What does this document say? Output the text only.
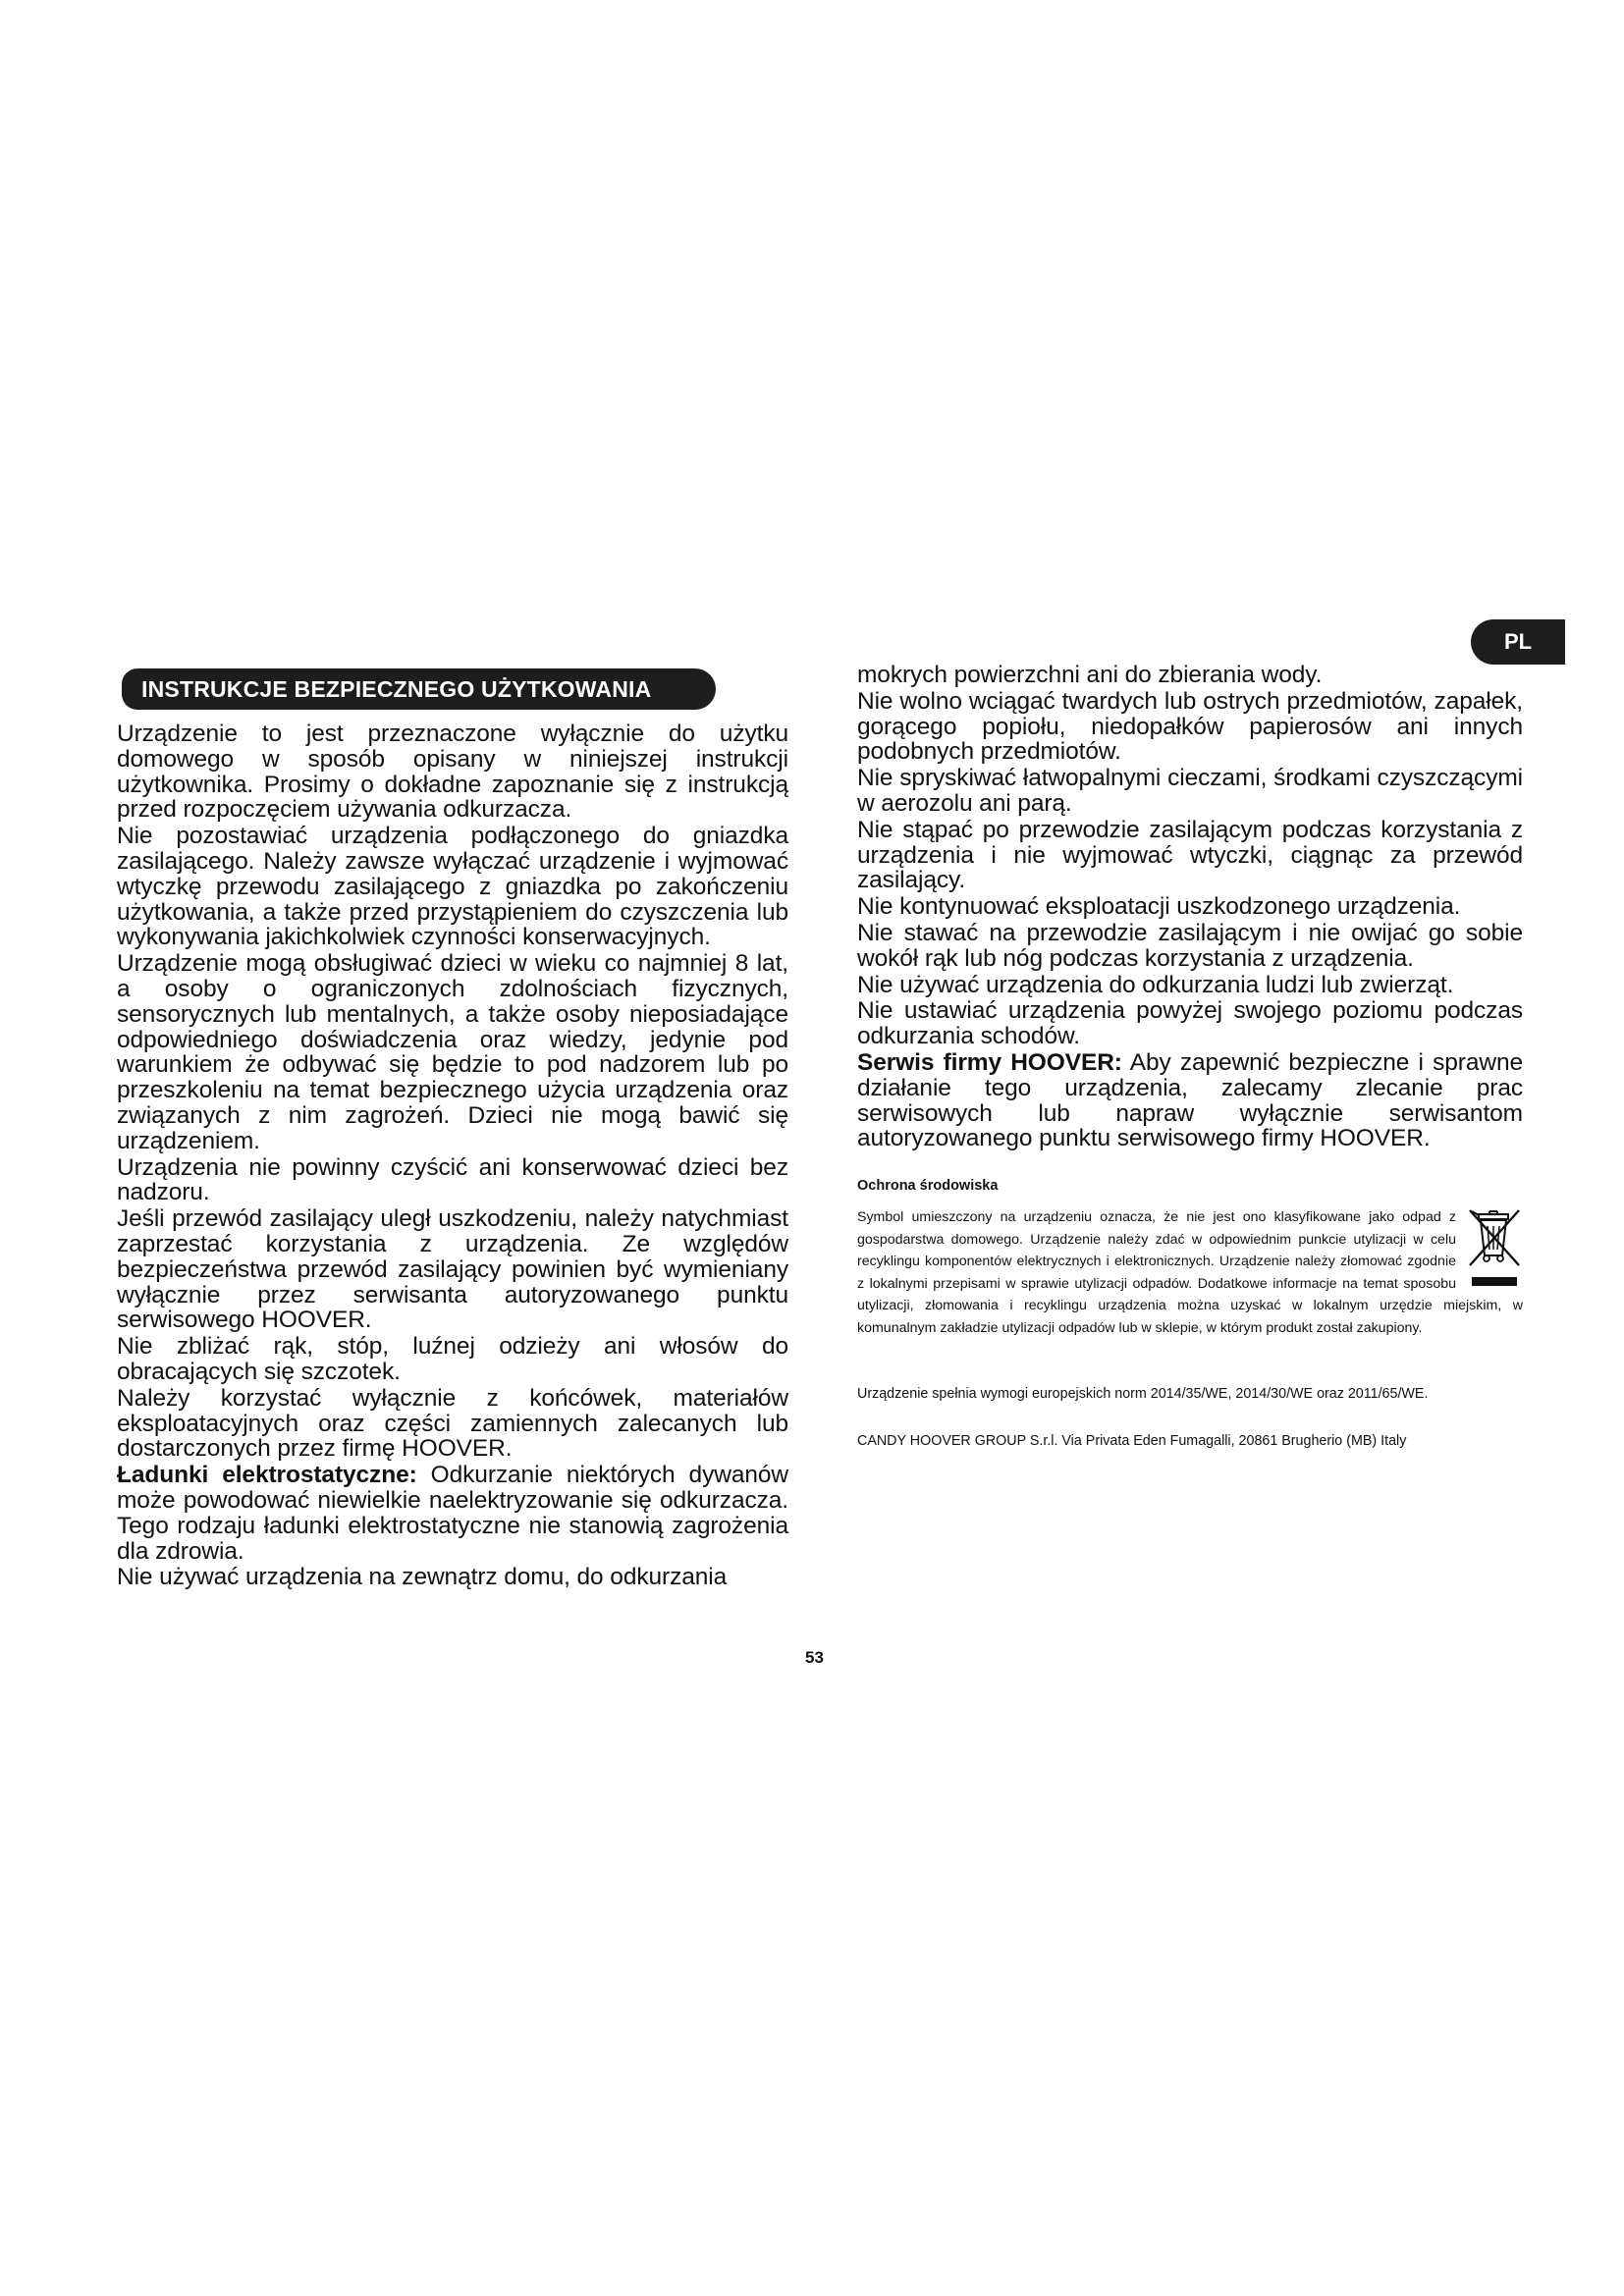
PL
INSTRUKCJE BEZPIECZNEGO UŻYTKOWANIA

Urządzenie to jest przeznaczone wyłącznie do użytku domowego w sposób opisany w niniejszej instrukcji użytkownika. Prosimy o dokładne zapoznanie się z instrukcją przed rozpoczęciem używania odkurzacza.

Nie pozostawiać urządzenia podłączonego do gniazdka zasilającego. Należy zawsze wyłączać urządzenie i wyjmować wtyczkę przewodu zasilającego z gniazdka po zakończeniu użytkowania, a także przed przystąpieniem do czyszczenia lub wykonywania jakichkolwiek czynności konserwacyjnych.

Urządzenie mogą obsługiwać dzieci w wieku co najmniej 8 lat, a osoby o ograniczonych zdolnościach fizycznych, sensorycznych lub mentalnych, a także osoby nieposiadające odpowiedniego doświadczenia oraz wiedzy, jedynie pod warunkiem że odbywać się będzie to pod nadzorem lub po przeszkoleniu na temat bezpiecznego użycia urządzenia oraz związanych z nim zagrożeń. Dzieci nie mogą bawić się urządzeniem.

Urządzenia nie powinny czyścić ani konserwować dzieci bez nadzoru.

Jeśli przewód zasilający uległ uszkodzeniu, należy natychmiast zaprzestać korzystania z urządzenia. Ze względów bezpieczeństwa przewód zasilający powinien być wymieniany wyłącznie przez serwisanta autoryzowanego punktu serwisowego HOOVER.

Nie zbliżać rąk, stóp, luźnej odzieży ani włosów do obracających się szczotek.

Należy korzystać wyłącznie z końcówek, materiałów eksploatacyjnych oraz części zamiennych zalecanych lub dostarczonych przez firmę HOOVER.

Ładunki elektrostatyczne: Odkurzanie niektórych dywanów może powodować niewielkie naelektryzowanie się odkurzacza. Tego rodzaju ładunki elektrostatyczne nie stanowią zagrożenia dla zdrowia.

Nie używać urządzenia na zewnątrz domu, do odkurzania

mokrych powierzchni ani do zbierania wody.

Nie wolno wciągać twardych lub ostrych przedmiotów, zapałek, gorącego popiołu, niedopałków papierosów ani innych podobnych przedmiotów.

Nie spryskiwać łatwopalnymi cieczami, środkami czyszczącymi w aerozolu ani parą.

Nie stąpać po przewodzie zasilającym podczas korzystania z urządzenia i nie wyjmować wtyczki, ciągnąc za przewód zasilający.

Nie kontynuować eksploatacji uszkodzonego urządzenia.

Nie stawać na przewodzie zasilającym i nie owijać go sobie wokół rąk lub nóg podczas korzystania z urządzenia.

Nie używać urządzenia do odkurzania ludzi lub zwierząt.

Nie ustawiać urządzenia powyżej swojego poziomu podczas odkurzania schodów.

Serwis firmy HOOVER: Aby zapewnić bezpieczne i sprawne działanie tego urządzenia, zalecamy zlecanie prac serwisowych lub napraw wyłącznie serwisantom autoryzowanego punktu serwisowego firmy HOOVER.

Ochrona środowiska
Symbol umieszczony na urządzeniu oznacza, że nie jest ono klasyfikowane jako odpad z gospodarstwa domowego. Urządzenie należy zdać w odpowiednim punkcie utylizacji w celu recyklingu komponentów elektrycznych i elektronicznych. Urządzenie należy złomować zgodnie z lokalnymi przepisami w sprawie utylizacji odpadów. Dodatkowe informacje na temat sposobu utylizacji, złomowania i recyklingu urządzenia można uzyskać w lokalnym urzędzie miejskim, w komunalnym zakładzie utylizacji odpadów lub w sklepie, w którym produkt został zakupiony.
Urządzenie spełnia wymogi europejskich norm 2014/35/WE, 2014/30/WE oraz 2011/65/WE.
CANDY HOOVER GROUP S.r.l. Via Privata Eden Fumagalli, 20861 Brugherio (MB) Italy
53
